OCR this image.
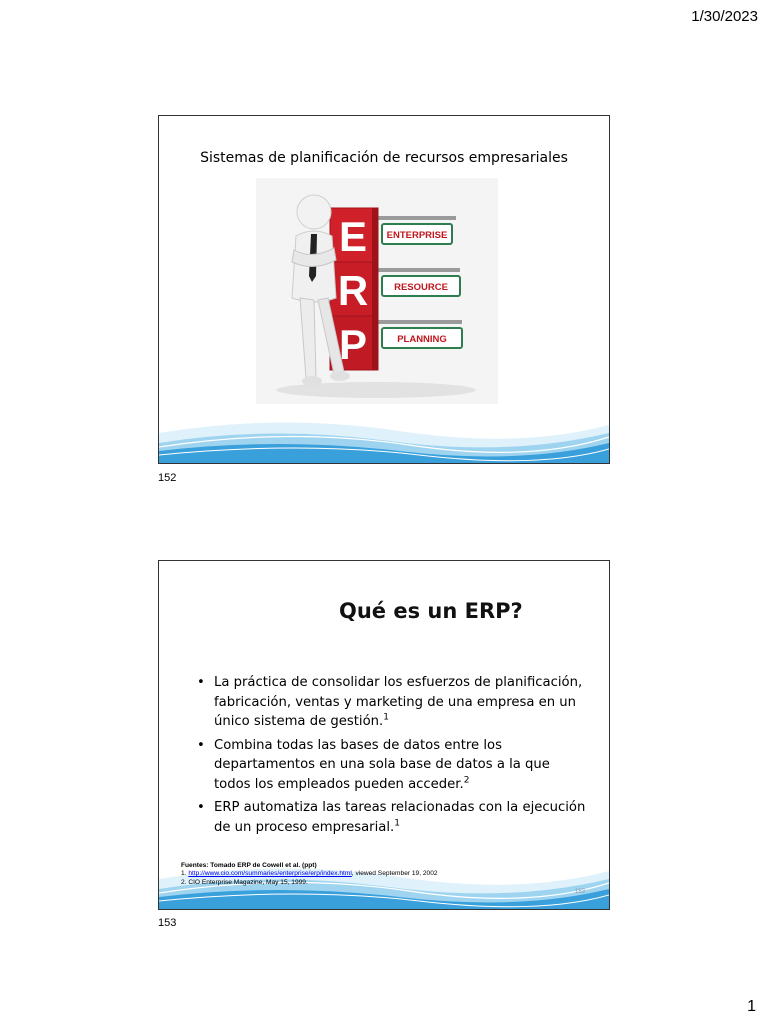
1/30/2023
Sistemas de planificación de recursos empresariales
E
R
P
ENTERPRISE
RESOURCE
PLANNING
152
Qué es un ERP?
• La práctica de consolidar los esfuerzos de planificación, fabricación, ventas y marketing de una empresa en un único sistema de gestión.$^1$
• Combina todas las bases de datos entre los departamentos en una sola base de datos a la que todos los empleados pueden acceder.$^2$
• ERP automatiza las tareas relacionadas con la ejecución de un proceso empresarial.$^1$
Fuentes: Tomado ERP de Cowell et al. (ppt)
1. http://www.cio.com/summaries/enterprise/erp/index.html, viewed September 19, 2002
2. CIO Enterprise Magazine, May 15, 1999.
153
153
1
